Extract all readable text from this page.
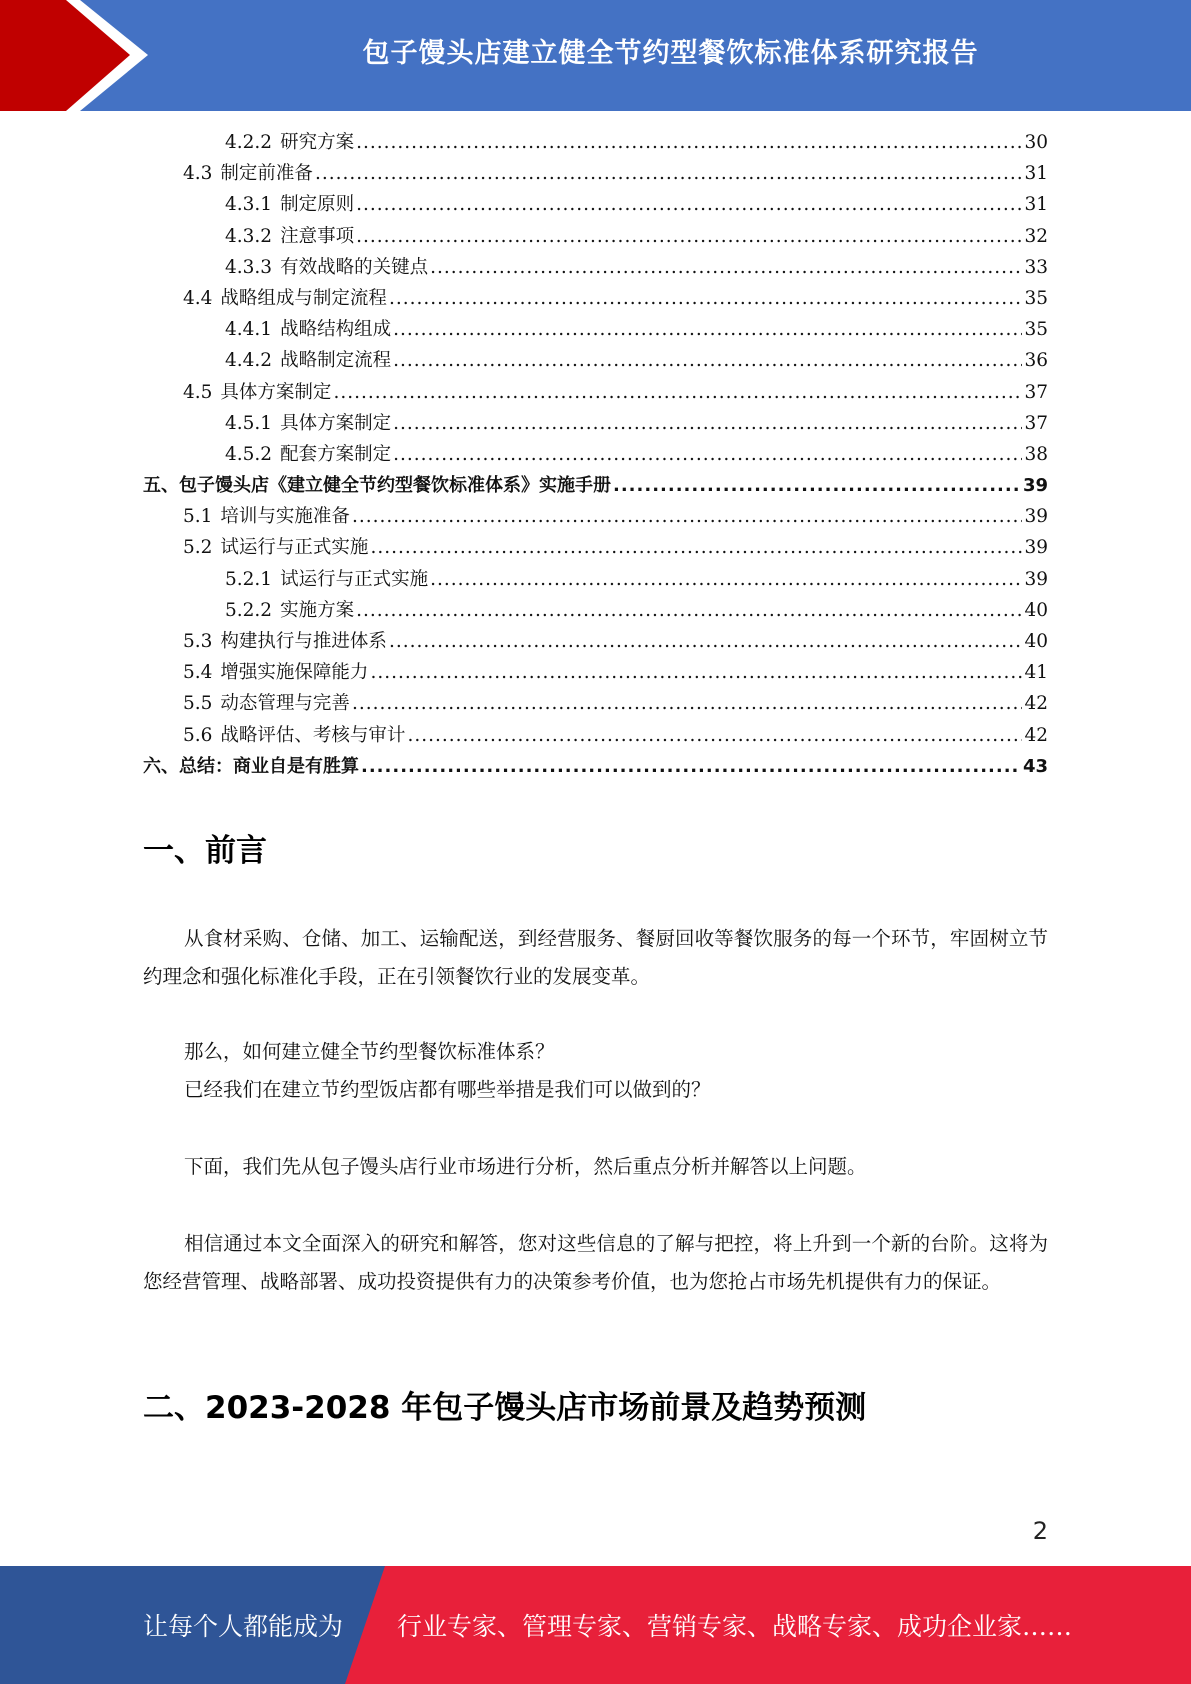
包子馒头店建立健全节约型餐饮标准体系研究报告
4.2.2 研究方案 .....	30
4.3 制定前准备 .....	31
4.3.1 制定原则 .....	31
4.3.2 注意事项 .....	32
4.3.3 有效战略的关键点 .....	33
4.4 战略组成与制定流程 .....	35
4.4.1 战略结构组成 .....	35
4.4.2 战略制定流程 .....	36
4.5 具体方案制定 .....	37
4.5.1 具体方案制定 .....	37
4.5.2 配套方案制定 .....	38
五、包子馒头店《建立健全节约型餐饮标准体系》实施手册 .....	39
5.1 培训与实施准备 .....	39
5.2 试运行与正式实施 .....	39
5.2.1 试运行与正式实施 .....	39
5.2.2 实施方案 .....	40
5.3 构建执行与推进体系 .....	40
5.4 增强实施保障能力 .....	41
5.5 动态管理与完善 .....	42
5.6 战略评估、考核与审计 .....	42
六、总结：商业自是有胜算 .....	43
一、前言
从食材采购、仓储、加工、运输配送，到经营服务、餐厨回收等餐饮服务的每一个环节，牢固树立节约理念和强化标准化手段，正在引领餐饮行业的发展变革。
那么，如何建立健全节约型餐饮标准体系？
已经我们在建立节约型饭店都有哪些举措是我们可以做到的？
下面，我们先从包子馒头店行业市场进行分析，然后重点分析并解答以上问题。
相信通过本文全面深入的研究和解答，您对这些信息的了解与把控，将上升到一个新的台阶。这将为您经营管理、战略部署、成功投资提供有力的决策参考价值，也为您抢占市场先机提供有力的保证。
二、2023-2028 年包子馒头店市场前景及趋势预测
2
让每个人都能成为 行业专家、管理专家、营销专家、战略专家、成功企业家……
